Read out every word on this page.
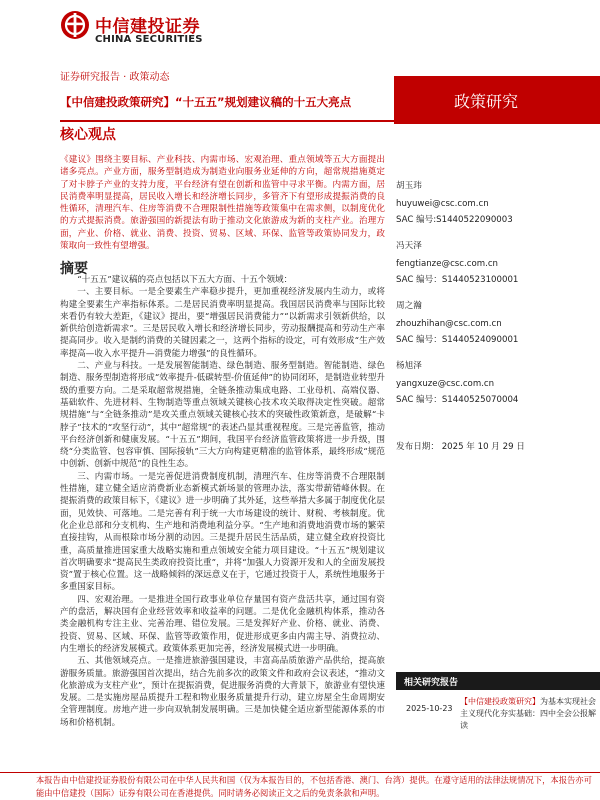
中信建投证券
CHINA SECURITIES
证券研究报告 · 政策动态
【中信建投政策研究】“十五五”规划建议稿的十五大亮点	政策研究
核心观点
《建议》围绕主要目标、产业科技、内需市场、宏观治理、重点领域等五大方面提出诸多亮点。产业方面，服务型制造成为制造业向服务业延伸的方向，超常规措施奠定了对卡脖子产业的支持力度，平台经济有望在创新和监管中寻求平衡。内需方面，居民消费率明显提高，居民收入增长和经济增长同步，多管齐下有望形成提振消费的良性循环，清理汽车、住房等消费不合理限制性措施等政策集中在需求侧，以制度优化的方式提振消费。旅游强国的新提法有助于推动文化旅游成为新的支柱产业。治理方面，产业、价格、就业、消费、投资、贸易、区域、环保、监管等政策协同发力，政策取向一致性有望增强。
摘要

“十五五”建议稿的亮点包括以下五大方面、十五个领域：

一、主要目标。一是全要素生产率稳步提升，更加重视经济发展内生动力，或将构建全要素生产率指标体系。二是居民消费率明显提高。我国居民消费率与国际比较来看仍有较大差距，《建议》提出，要“增强居民消费能力”“以新需求引领新供给，以新供给创造新需求”。三是居民收入增长和经济增长同步，劳动报酬提高和劳动生产率提高同步。收入是制约消费的关键因素之一，这两个指标的设定，可有效形成“生产效率提高—收入水平提升—消费能力增强”的良性循环。

二、产业与科技。一是发展智能制造、绿色制造、服务型制造。智能制造、绿色制造、服务型制造将形成“效率提升-低碳转型-价值延伸”的协同闭环，是制造业转型升级的重要方向。二是采取超常规措施，全链条推动集成电路、工业母机、高端仪器、基础软件、先进材料、生物制造等重点领域关键核心技术攻关取得决定性突破。超常规措施”与“全链条推动”是攻关重点领域关键核心技术的突破性政策新意，是破解“卡脖子”技术的“攻坚行动”，其中“超常规”的表述凸显其重视程度。三是完善监管，推动平台经济创新和健康发展。“十五五”期间，我国平台经济监管政策将进一步升级，围绕“分类监管、包容审慎、国际接轨”三大方向构建更精准的监管体系，最终形成“规范中创新、创新中规范”的良性生态。

三、内需市场。一是完善促进消费制度机制，清理汽车、住房等消费不合理限制性措施，建立健全适应消费新业态新模式新场景的管理办法，落实带薪错峰休假。在提振消费的政策目标下，《建议》进一步明确了其外延，这些举措大多属于制度优化层面，见效快、可落地。二是完善有利于统一大市场建设的统计、财税、考核制度。优化企业总部和分支机构、生产地和消费地利益分享。“生产地和消费地消费市场的繁荣直接挂钩，从而根除市场分割的动因。三是提升居民生活品质，建立健全政府投资比重，高质量推进国家重大战略实施和重点领域安全能力项目建设。“十五五”规划建议首次明确要求“提高民生类政府投资比重”，并将“加强人力资源开发和人的全面发展投资”置于核心位置。这一战略倾斜的深远意义在于，它通过投资于人，系统性地服务于多重国家目标。

四、宏观治理。一是推进全国行政事业单位存量国有资产盘活共享，通过国有资产的盘活，解决国有企业经营效率和收益率的问题。二是优化金融机构体系，推动各类金融机构专注主业、完善治理、错位发展。三是发挥好产业、价格、就业、消费、投资、贸易、区域、环保、监管等政策作用，促进形成更多由内需主导、消费拉动、内生增长的经济发展模式。政策体系更加完善，经济发展模式进一步明确。

五、其他领域亮点。一是推进旅游强国建设，丰富高品质旅游产品供给，提高旅游服务质量。旅游强国首次提出，结合先前多次的政策文件和政府会议表述，“推动文化旅游成为支柱产业”，预计在提振消费，促进服务消费的大背景下，旅游业有望快速发展。二是实施房屋品质提升工程和物业服务质量提升行动，建立房屋全生命周期安全管理制度。房地产进一步向双轨制发展明确。三是加快健全适应新型能源体系的市场和价格机制。

胡玉玮
huyuwei@csc.com.cn
SAC 编号:S1440522090003
冯天泽
fengtianze@csc.com.cn
SAC 编号：S1440523100001
周之瀚
zhouzhihan@csc.com.cn
SAC 编号：S1440524090001
杨旭泽
yangxuze@csc.com.cn
SAC 编号：S1440525070004
发布日期： 2025 年 10 月 29 日
相关研究报告
2025-10-23
【中信建投政策研究】为基本实现社会主义现代化夯实基础：四中全会公报解读
本报告由中信建投证券股份有限公司在中华人民共和国（仅为本报告目的，不包括香港、澳门、台湾）提供。在遵守适用的法律法规情况下，本报告亦可能由中信建投（国际）证券有限公司在香港提供。同时请务必阅读正文之后的免责条款和声明。
